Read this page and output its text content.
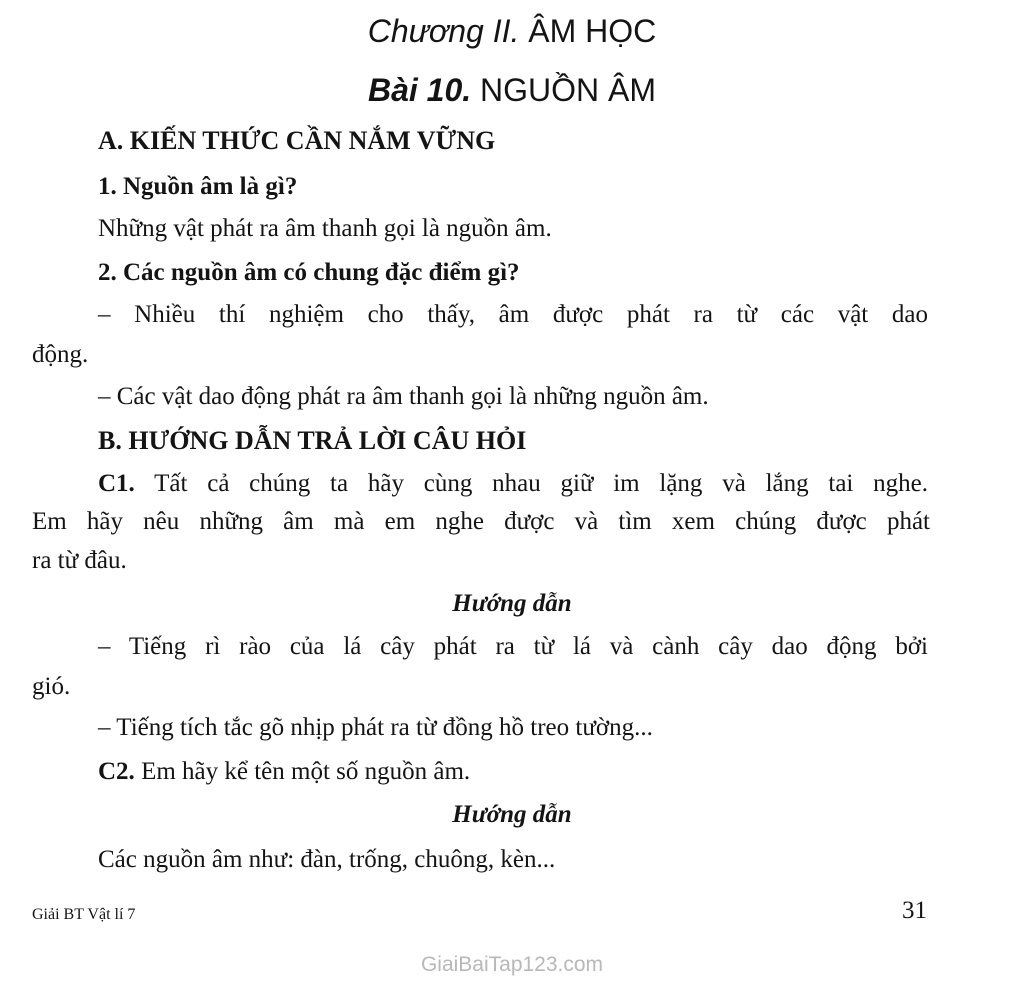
Chương II. ÂM HỌC
Bài 10. NGUỒN ÂM
A. KIẾN THỨC CẦN NẮM VỮNG
1. Nguồn âm là gì?
Những vật phát ra âm thanh gọi là nguồn âm.
2. Các nguồn âm có chung đặc điểm gì?
– Nhiều thí nghiệm cho thấy, âm được phát ra từ các vật dao
động.
– Các vật dao động phát ra âm thanh gọi là những nguồn âm.
B. HƯỚNG DẪN TRẢ LỜI CÂU HỎI
C1. Tất cả chúng ta hãy cùng nhau giữ im lặng và lắng tai nghe.
Em hãy nêu những âm mà em nghe được và tìm xem chúng được phát
ra từ đâu.
Hướng dẫn
– Tiếng rì rào của lá cây phát ra từ lá và cành cây dao động bởi
gió.
– Tiếng tích tắc gõ nhịp phát ra từ đồng hồ treo tường...
C2. Em hãy kể tên một số nguồn âm.
Hướng dẫn
Các nguồn âm như: đàn, trống, chuông, kèn...
Giải BT Vật lí 7	31
GiaiBaiTap123.com
